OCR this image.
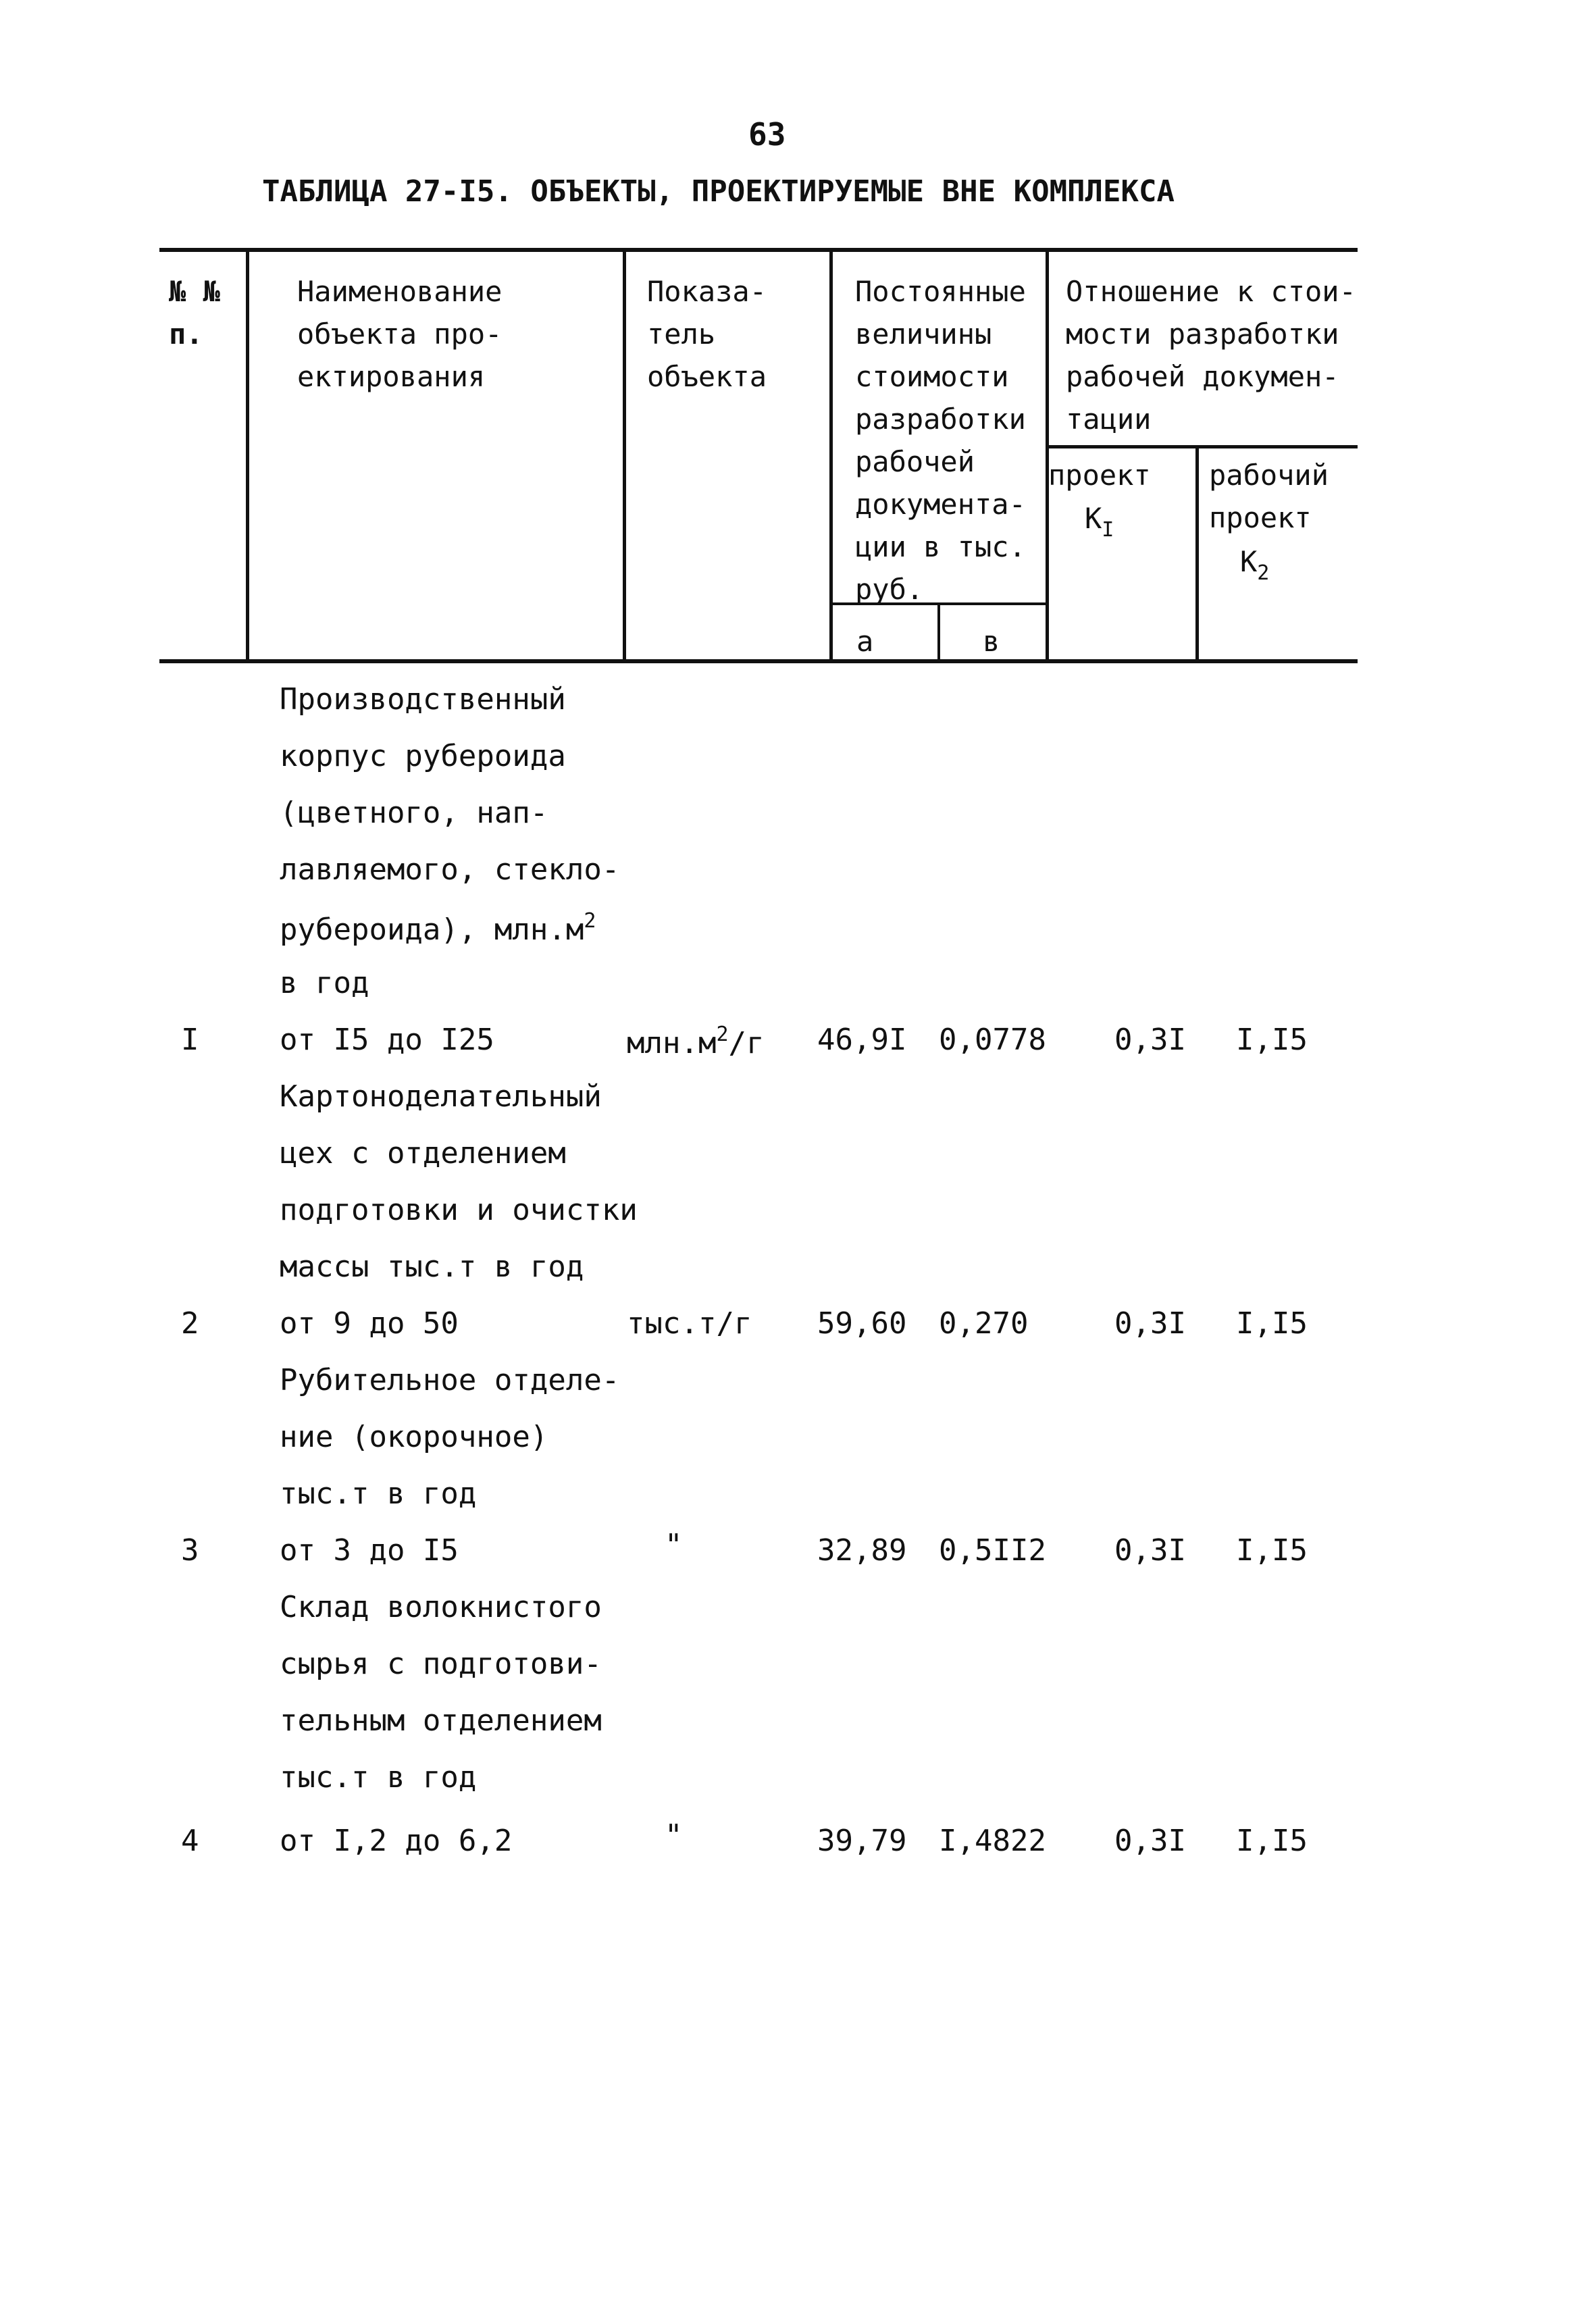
63
ТАБЛИЦА 27-I5. ОБЪЕКТЫ, ПРОЕКТИРУЕМЫЕ ВНЕ КОМПЛЕКСА
№ №
п.
Наименование
объекта про-
ектирования
Показа-
тель
объекта
Постоянные
величины
стоимости
разработки
рабочей
документа-
ции в тыс.
руб.
а	в
Отношение к стои-
мости разработки
рабочей докумен-
тации
проект
$К_I$
рабочий
проект
$К_2$
Производственный
корпус рубероида
(цветного, нап-
лавляемого, стекло-
рубероида), $млн.м^2$
в год
I	от I5 до I25	$млн.м^2/г$ 46,9I 0,0778 0,3I I,I5
Картоноделательный
цех с отделением
подготовки и очистки
массы тыс.т в год
2	от 9 до 50	тыс.т/г 59,60 0,270	0,3I I,I5
Рубительное отделе-
ние (окорочное)
тыс.т в год
3	от 3 до I5	"	32,89 0,5II2 0,3I I,I5
Склад волокнистого
сырья с подготови-
тельным отделением
тыс.т в год
4	от I,2 до 6,2	"	39,79 I,4822 0,3I I,I5
